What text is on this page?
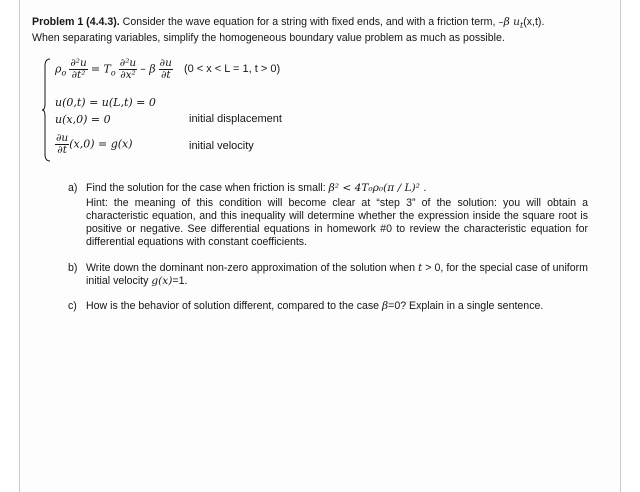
Problem 1 (4.4.3). Consider the wave equation for a string with fixed ends, and with a friction term, –β $u_t(x,t)$.
When separating variables, simplify the homogeneous boundary value problem as much as possible.

$\rho_o \frac{\text{∂²u}}{\text{∂t²}} = T_o \frac{\text{∂²u}}{\text{∂x²}} - \beta \frac{\partial u}{\partial t} (0 < x < L = 1$, t > 0)
u(0,t) = u(L,t) = 0
u(x,0) = 0	initial displacement
$\frac{\partial u}{\partial t} (x,0) = g(x)$	initial velocity
a) Find the solution for the case when friction is small: β² < 4T₀ρ₀(π / L)² .
Hint: the meaning of this condition will become clear at “step 3” of the solution: you will obtain a characteristic equation, and this inequality will determine whether the expression inside the square root is positive or negative. See differential equations in homework #0 to review the characteristic equation for differential equations with constant coefficients.
b) Write down the dominant non-zero approximation of the solution when t > 0, for the special case of uniform initial velocity g(x)=1.
c) How is the behavior of solution different, compared to the case β=0? Explain in a single sentence.
